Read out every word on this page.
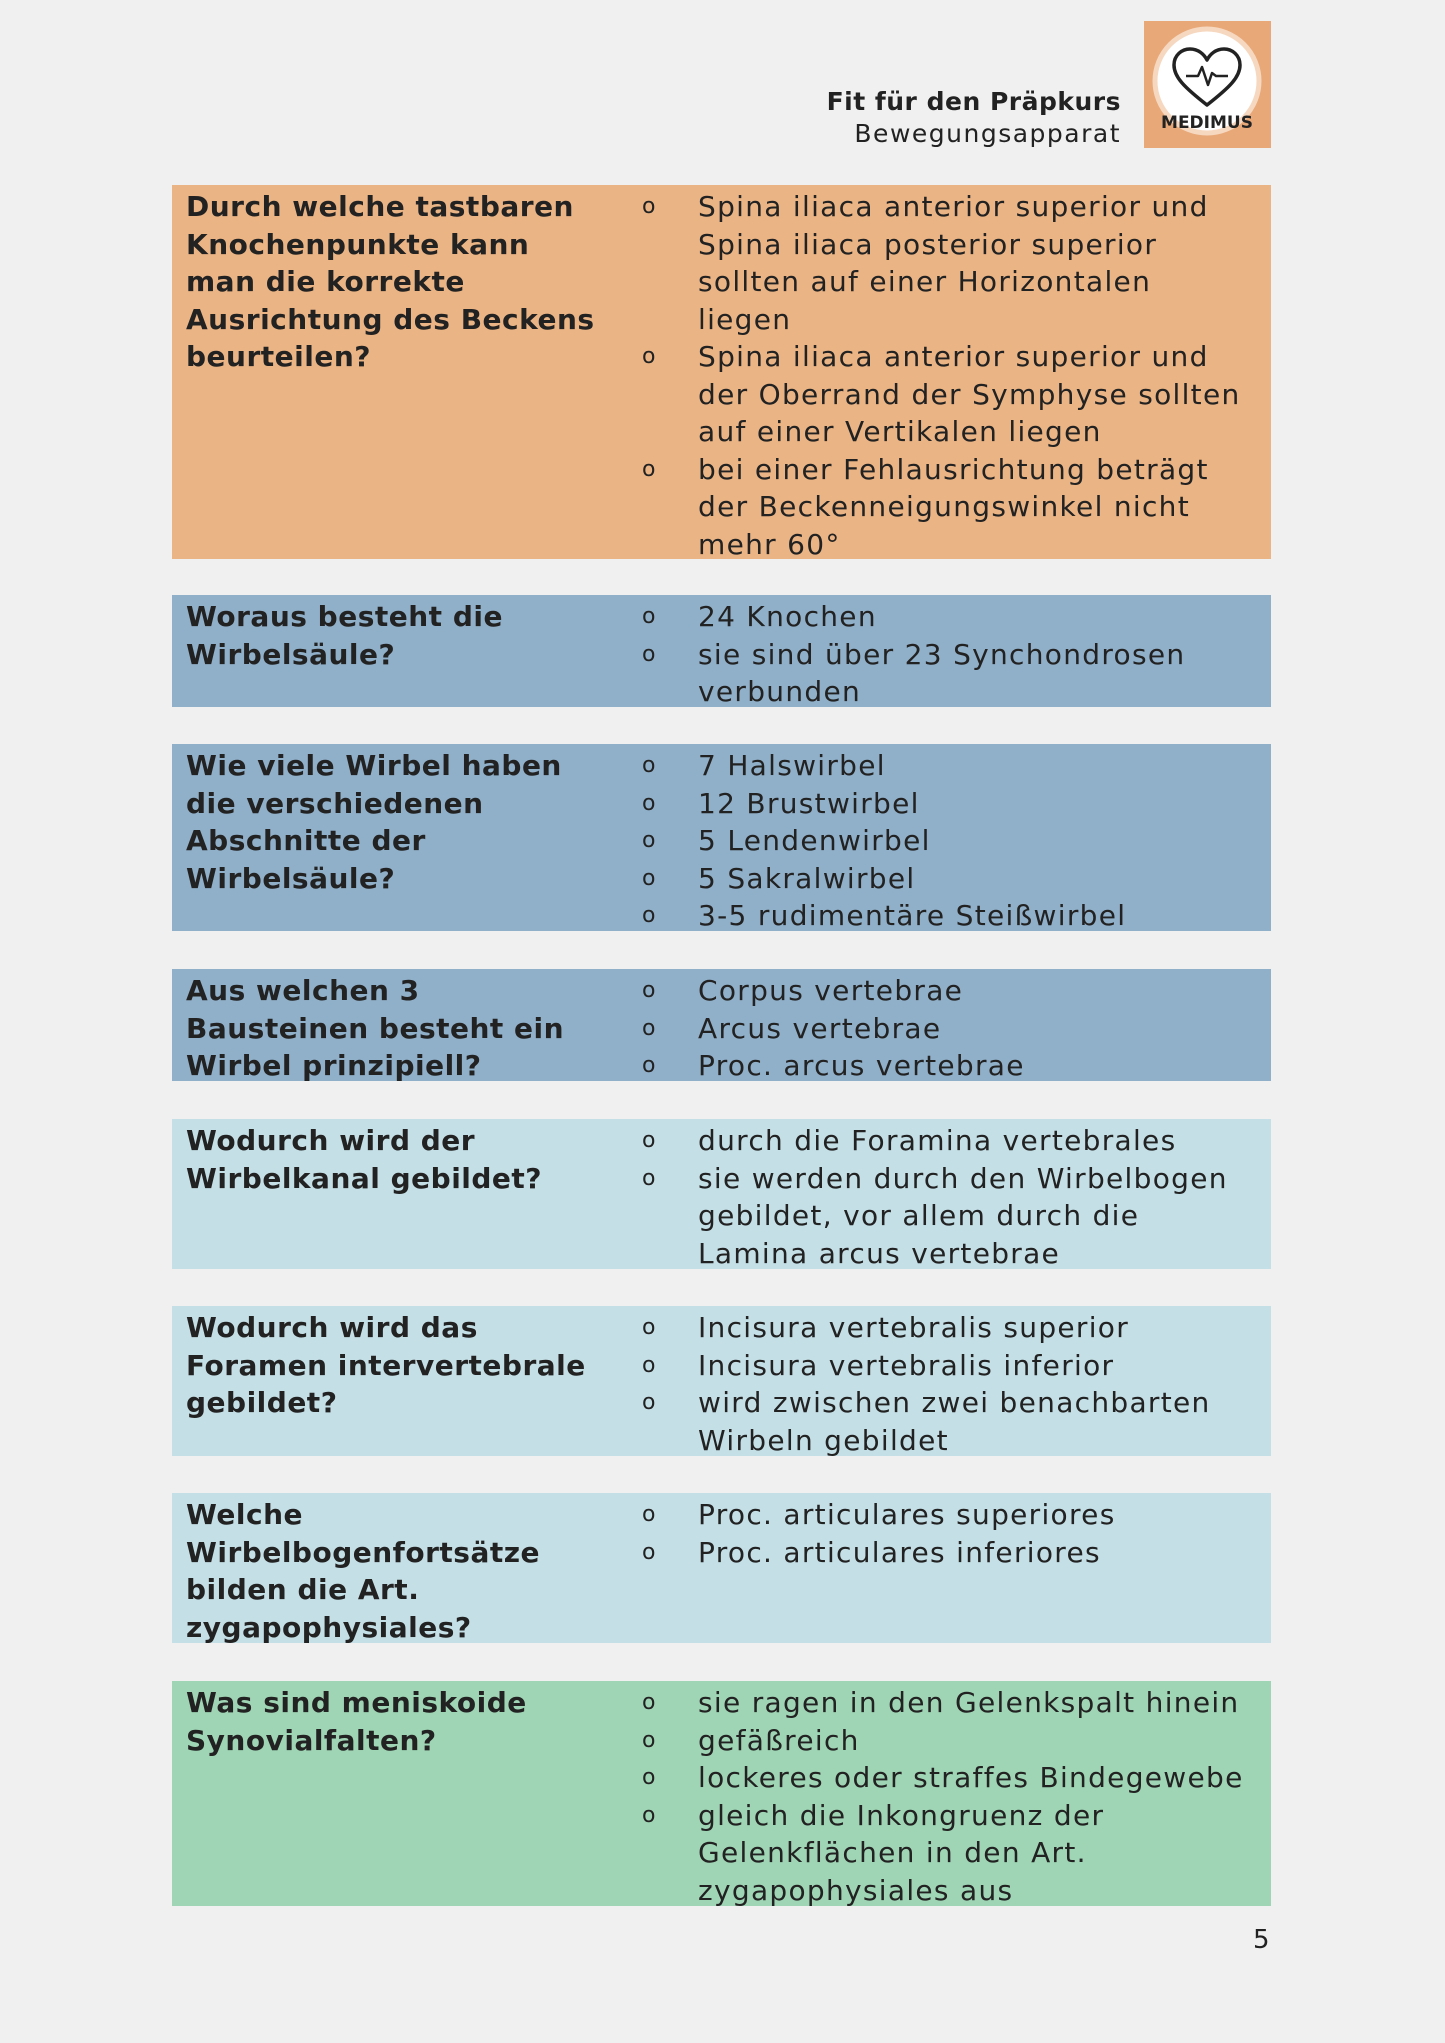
Fit für den Präpkurs
Bewegungsapparat MEDIMUS
Durch welche tastbaren
Knochenpunkte kann
man die korrekte
Ausrichtung des Beckens
beurteilen?
o Spina iliaca anterior superior und
Spina iliaca posterior superior
sollten auf einer Horizontalen
liegen
o Spina iliaca anterior superior und
der Oberrand der Symphyse sollten
auf einer Vertikalen liegen
o bei einer Fehlausrichtung beträgt
der Beckenneigungswinkel nicht
mehr 60°
Woraus besteht die
Wirbelsäule?
o 24 Knochen
o sie sind über 23 Synchondrosen
verbunden
Wie viele Wirbel haben
die verschiedenen
Abschnitte der
Wirbelsäule?
o 7 Halswirbel
o 12 Brustwirbel
o 5 Lendenwirbel
o 5 Sakralwirbel
o 3-5 rudimentäre Steißwirbel
Aus welchen 3
Bausteinen besteht ein
Wirbel prinzipiell?
o Corpus vertebrae
o Arcus vertebrae
o Proc. arcus vertebrae
Wodurch wird der
Wirbelkanal gebildet?
o durch die Foramina vertebrales
o sie werden durch den Wirbelbogen
gebildet, vor allem durch die
Lamina arcus vertebrae
Wodurch wird das
Foramen intervertebrale
gebildet?
o Incisura vertebralis superior
o Incisura vertebralis inferior
o wird zwischen zwei benachbarten
Wirbeln gebildet
Welche
Wirbelbogenfortsätze
bilden die Art.
zygapophysiales?
o Proc. articulares superiores
o Proc. articulares inferiores
Was sind meniskoide
Synovialfalten?
o sie ragen in den Gelenkspalt hinein
o gefäßreich
o lockeres oder straffes Bindegewebe
o gleich die Inkongruenz der
Gelenkflächen in den Art.
zygapophysiales aus
5
